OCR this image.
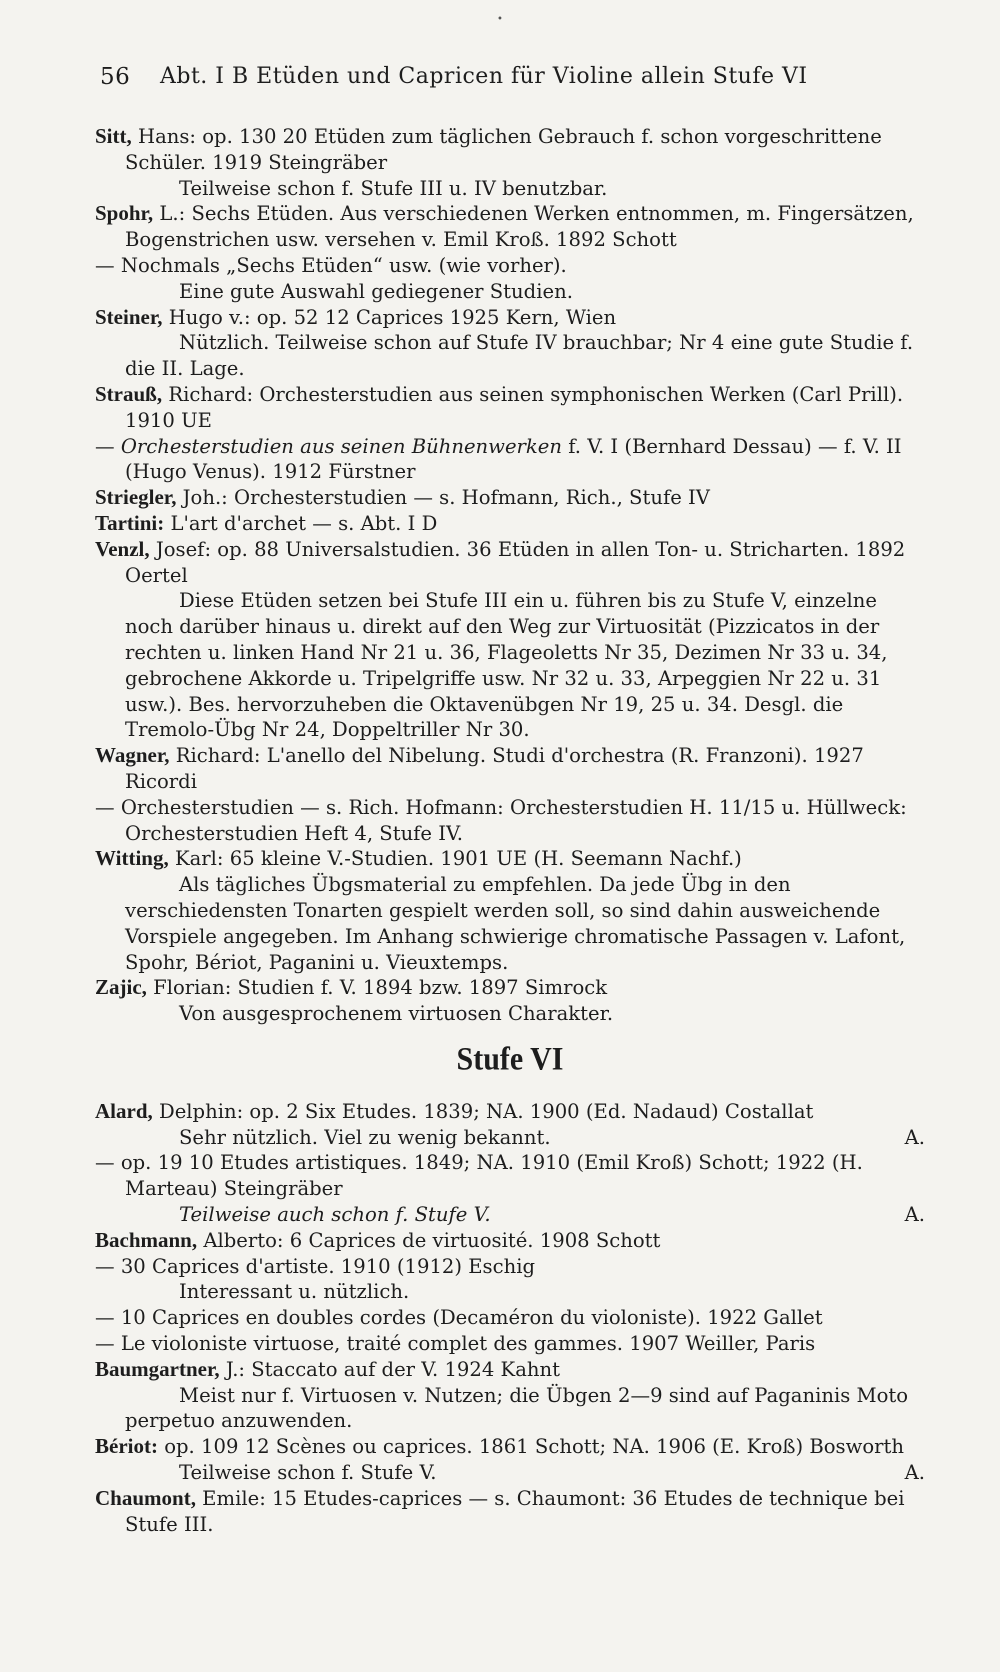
•
56	Abt. I B Etüden und Capricen für Violine allein Stufe VI

Sitt, Hans: op. 130 20 Etüden zum täglichen Gebrauch f. schon vorgeschrittene Schüler. 1919 Steingräber

Teilweise schon f. Stufe III u. IV benutzbar.

Spohr, L.: Sechs Etüden. Aus verschiedenen Werken entnommen, m. Fingersätzen, Bogenstrichen usw. versehen v. Emil Kroß. 1892 Schott

— Nochmals „Sechs Etüden“ usw. (wie vorher).

Eine gute Auswahl gediegener Studien.

Steiner, Hugo v.: op. 52 12 Caprices 1925 Kern, Wien

Nützlich. Teilweise schon auf Stufe IV brauchbar; Nr 4 eine gute Studie f. die II. Lage.

Strauß, Richard: Orchesterstudien aus seinen symphonischen Werken (Carl Prill). 1910 UE

— Orchesterstudien aus seinen Bühnenwerken f. V. I (Bernhard Dessau) — f. V. II (Hugo Venus). 1912 Fürstner

Striegler, Joh.: Orchesterstudien — s. Hofmann, Rich., Stufe IV

Tartini: L'art d'archet — s. Abt. I D

Venzl, Josef: op. 88 Universalstudien. 36 Etüden in allen Ton- u. Stricharten. 1892 Oertel

Diese Etüden setzen bei Stufe III ein u. führen bis zu Stufe V, einzelne noch darüber hinaus u. direkt auf den Weg zur Virtuosität (Pizzicatos in der rechten u. linken Hand Nr 21 u. 36, Flageoletts Nr 35, Dezimen Nr 33 u. 34, gebrochene Akkorde u. Tripelgriffe usw. Nr 32 u. 33, Arpeggien Nr 22 u. 31 usw.). Bes. hervorzuheben die Oktavenübgen Nr 19, 25 u. 34. Desgl. die Tremolo-Übg Nr 24, Doppeltriller Nr 30.

Wagner, Richard: L'anello del Nibelung. Studi d'orchestra (R. Franzoni). 1927 Ricordi

— Orchesterstudien — s. Rich. Hofmann: Orchesterstudien H. 11/15 u. Hüllweck: Orchesterstudien Heft 4, Stufe IV.

Witting, Karl: 65 kleine V.-Studien. 1901 UE (H. Seemann Nachf.)

Als tägliches Übgsmaterial zu empfehlen. Da jede Übg in den verschiedensten Tonarten gespielt werden soll, so sind dahin ausweichende Vorspiele angegeben. Im Anhang schwierige chromatische Passagen v. Lafont, Spohr, Bériot, Paganini u. Vieuxtemps.

Zajic, Florian: Studien f. V. 1894 bzw. 1897 Simrock

Von ausgesprochenem virtuosen Charakter.

Stufe VI

Alard, Delphin: op. 2 Six Etudes. 1839; NA. 1900 (Ed. Nadaud) Costallat

A.
Sehr nützlich. Viel zu wenig bekannt.

— op. 19 10 Etudes artistiques. 1849; NA. 1910 (Emil Kroß) Schott; 1922 (H. Marteau) Steingräber

A.
Teilweise auch schon f. Stufe V.

Bachmann, Alberto: 6 Caprices de virtuosité. 1908 Schott

— 30 Caprices d'artiste. 1910 (1912) Eschig

Interessant u. nützlich.

— 10 Caprices en doubles cordes (Decaméron du violoniste). 1922 Gallet

— Le violoniste virtuose, traité complet des gammes. 1907 Weiller, Paris

Baumgartner, J.: Staccato auf der V. 1924 Kahnt

Meist nur f. Virtuosen v. Nutzen; die Übgen 2—9 sind auf Paganinis Moto perpetuo anzuwenden.

Bériot: op. 109 12 Scènes ou caprices. 1861 Schott; NA. 1906 (E. Kroß) Bosworth

A.
Teilweise schon f. Stufe V.

Chaumont, Emile: 15 Etudes-caprices — s. Chaumont: 36 Etudes de technique bei Stufe III.
